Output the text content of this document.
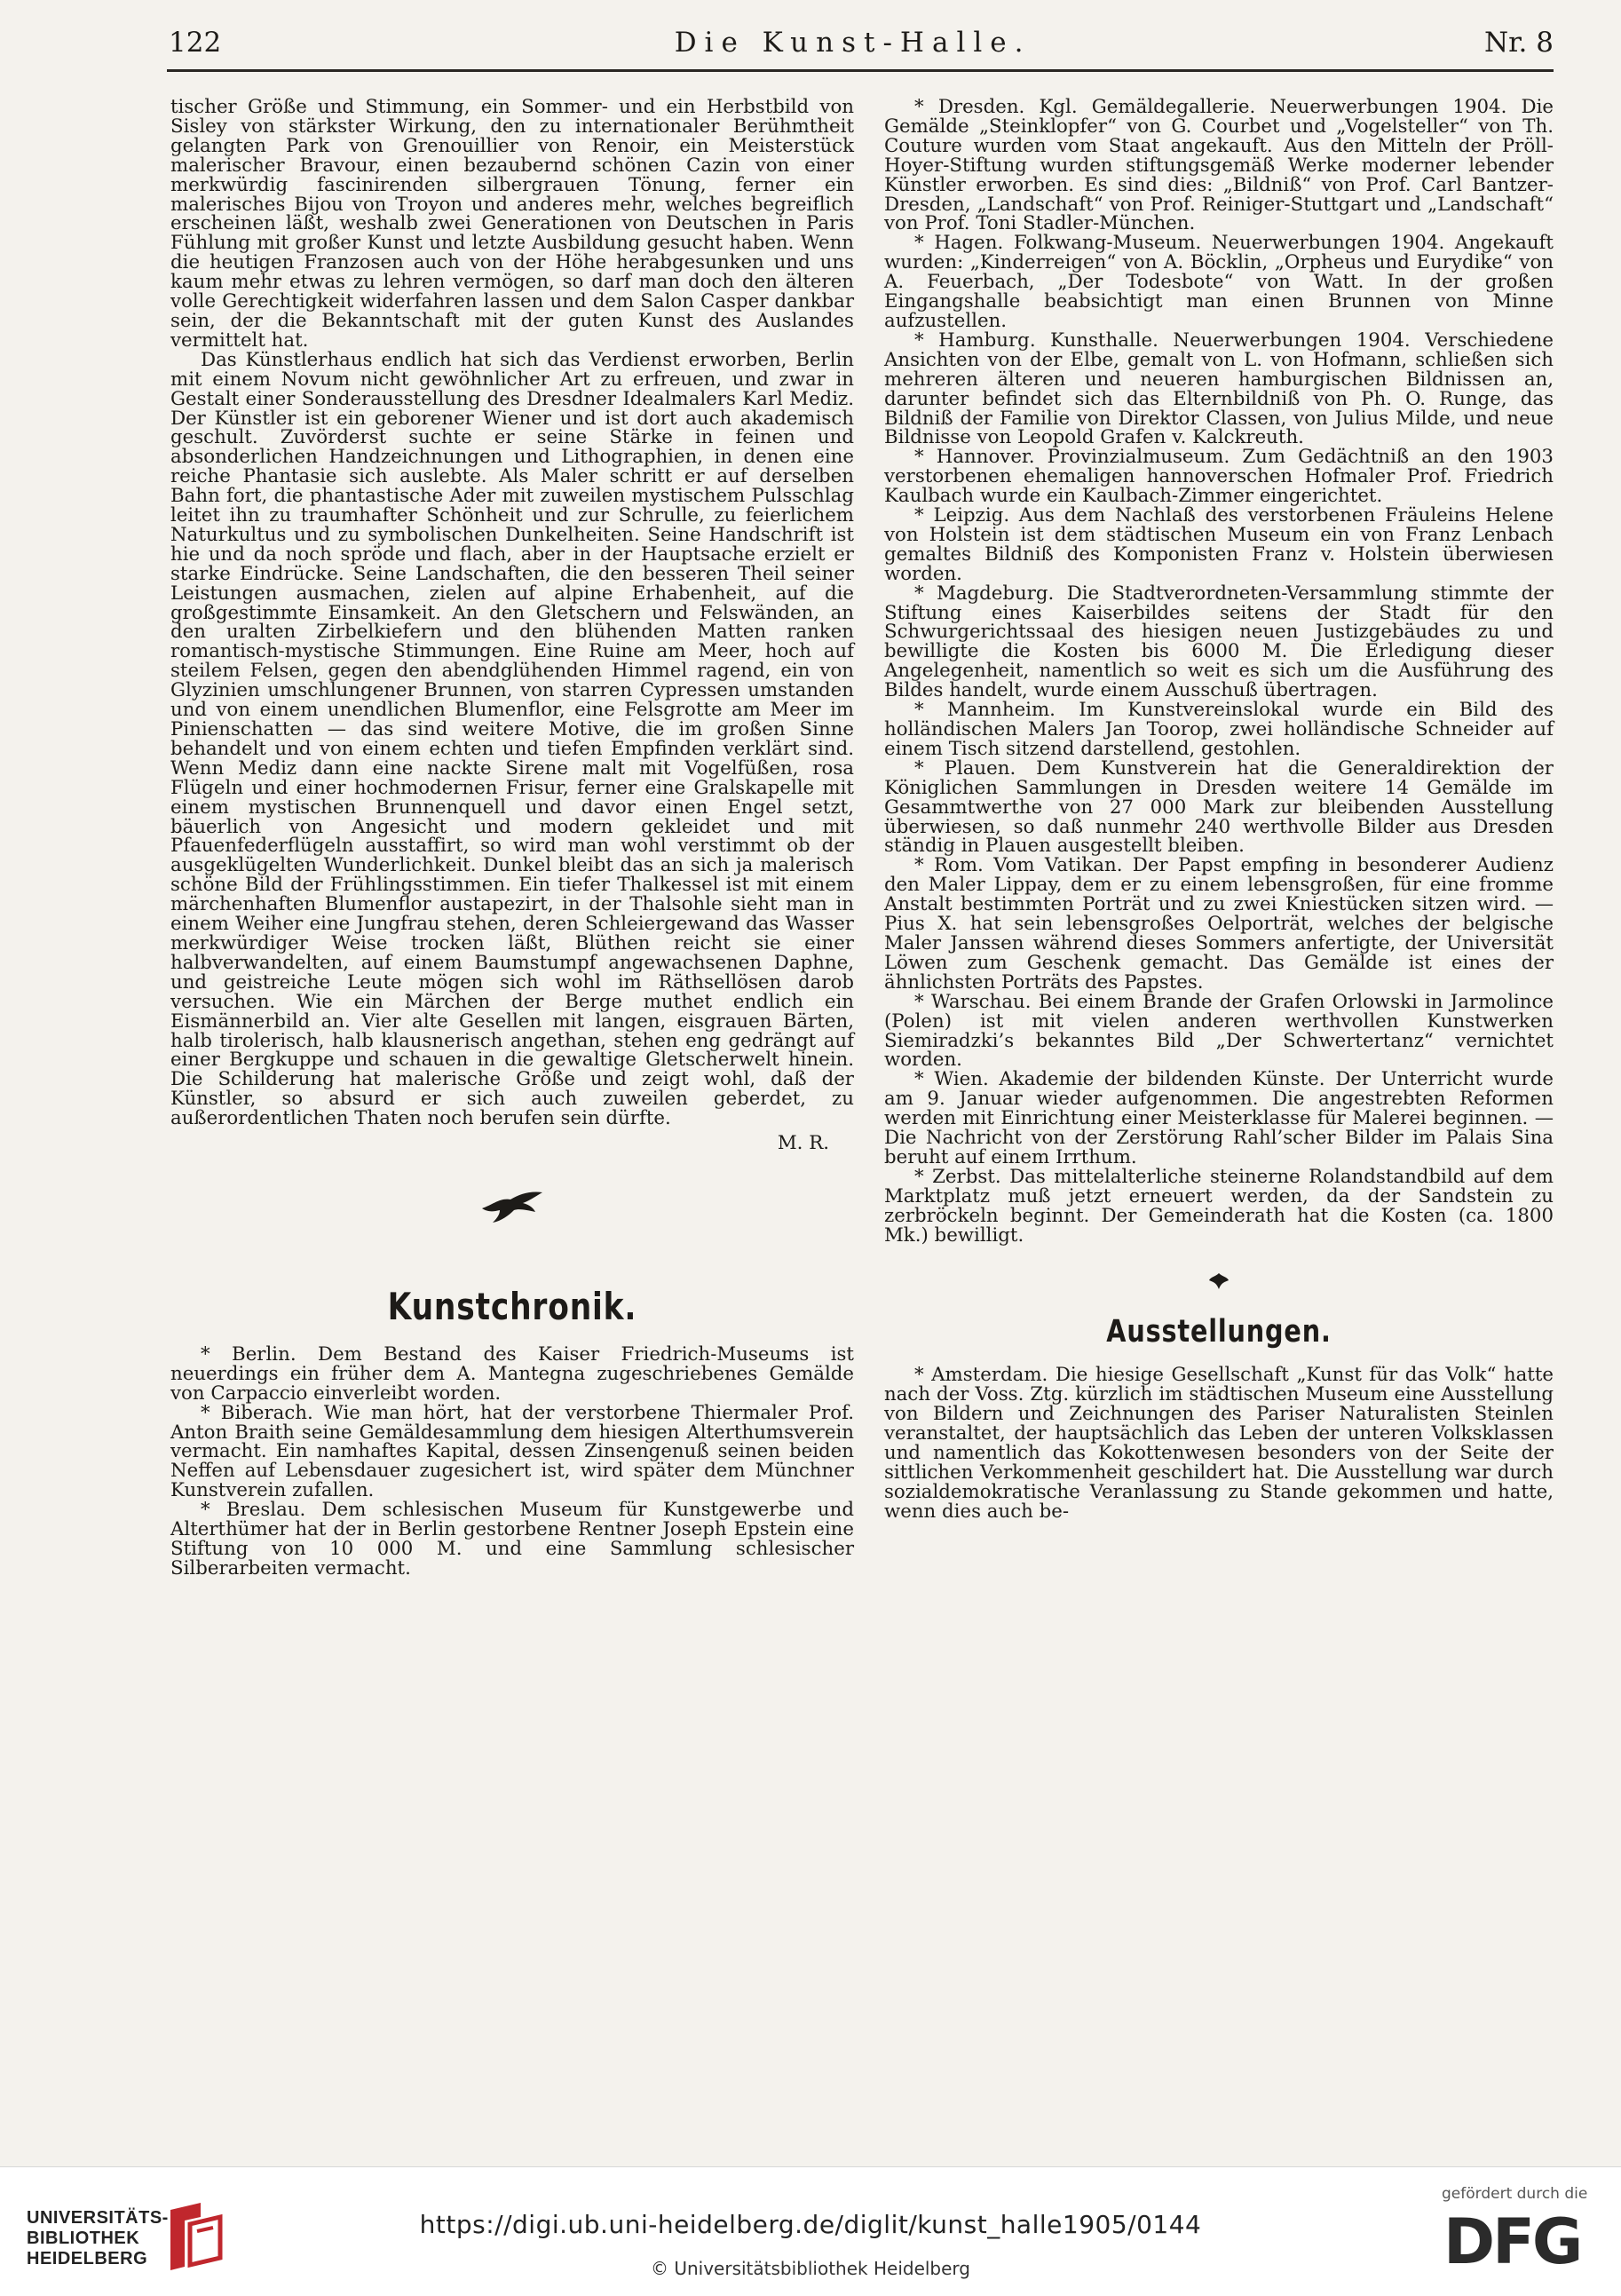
122	Die Kunst-Halle.	Nr. 8

tischer Größe und Stimmung, ein Sommer- und ein Herbstbild von Sisley von stärkster Wirkung, den zu internationaler Berühmtheit gelangten Park von Grenouillier von Renoir, ein Meisterstück malerischer Bravour, einen bezaubernd schönen Cazin von einer merkwürdig fascinirenden silbergrauen Tönung, ferner ein malerisches Bijou von Troyon und anderes mehr, welches begreiflich erscheinen läßt, weshalb zwei Generationen von Deutschen in Paris Fühlung mit großer Kunst und letzte Ausbildung gesucht haben. Wenn die heutigen Franzosen auch von der Höhe herabgesunken und uns kaum mehr etwas zu lehren vermögen, so darf man doch den älteren volle Gerechtigkeit widerfahren lassen und dem Salon Casper dankbar sein, der die Bekanntschaft mit der guten Kunst des Auslandes vermittelt hat.

Das Künstlerhaus endlich hat sich das Verdienst erworben, Berlin mit einem Novum nicht gewöhnlicher Art zu erfreuen, und zwar in Gestalt einer Sonderausstellung des Dresdner Idealmalers Karl Mediz. Der Künstler ist ein geborener Wiener und ist dort auch akademisch geschult. Zuvörderst suchte er seine Stärke in feinen und absonderlichen Handzeichnungen und Lithographien, in denen eine reiche Phantasie sich auslebte. Als Maler schritt er auf derselben Bahn fort, die phantastische Ader mit zuweilen mystischem Pulsschlag leitet ihn zu traumhafter Schönheit und zur Schrulle, zu feierlichem Naturkultus und zu symbolischen Dunkelheiten. Seine Handschrift ist hie und da noch spröde und flach, aber in der Hauptsache erzielt er starke Eindrücke. Seine Landschaften, die den besseren Theil seiner Leistungen ausmachen, zielen auf alpine Erhabenheit, auf die großgestimmte Einsamkeit. An den Gletschern und Felswänden, an den uralten Zirbelkiefern und den blühenden Matten ranken romantisch-mystische Stimmungen. Eine Ruine am Meer, hoch auf steilem Felsen, gegen den abendglühenden Himmel ragend, ein von Glyzinien umschlungener Brunnen, von starren Cypressen umstanden und von einem unendlichen Blumenflor, eine Felsgrotte am Meer im Pinienschatten — das sind weitere Motive, die im großen Sinne behandelt und von einem echten und tiefen Empfinden verklärt sind. Wenn Mediz dann eine nackte Sirene malt mit Vogelfüßen, rosa Flügeln und einer hochmodernen Frisur, ferner eine Gralskapelle mit einem mystischen Brunnenquell und davor einen Engel setzt, bäuerlich von Angesicht und modern gekleidet und mit Pfauenfederflügeln ausstaffirt, so wird man wohl verstimmt ob der ausgeklügelten Wunderlichkeit. Dunkel bleibt das an sich ja malerisch schöne Bild der Frühlingsstimmen. Ein tiefer Thalkessel ist mit einem märchenhaften Blumenflor austapezirt, in der Thalsohle sieht man in einem Weiher eine Jungfrau stehen, deren Schleiergewand das Wasser merkwürdiger Weise trocken läßt, Blüthen reicht sie einer halbverwandelten, auf einem Baumstumpf angewachsenen Daphne, und geistreiche Leute mögen sich wohl im Räthsellösen darob versuchen. Wie ein Märchen der Berge muthet endlich ein Eismännerbild an. Vier alte Gesellen mit langen, eisgrauen Bärten, halb tirolerisch, halb klausnerisch angethan, stehen eng gedrängt auf einer Bergkuppe und schauen in die gewaltige Gletscherwelt hinein. Die Schilderung hat malerische Größe und zeigt wohl, daß der Künstler, so absurd er sich auch zuweilen geberdet, zu außerordentlichen Thaten noch berufen sein dürfte.

M. R.

Kunstchronik.

* Berlin. Dem Bestand des Kaiser Friedrich-Museums ist neuerdings ein früher dem A. Mantegna zugeschriebenes Gemälde von Carpaccio einverleibt worden.

* Biberach. Wie man hört, hat der verstorbene Thiermaler Prof. Anton Braith seine Gemäldesammlung dem hiesigen Alterthumsverein vermacht. Ein namhaftes Kapital, dessen Zinsengenuß seinen beiden Neffen auf Lebensdauer zugesichert ist, wird später dem Münchner Kunstverein zufallen.

* Breslau. Dem schlesischen Museum für Kunstgewerbe und Alterthümer hat der in Berlin gestorbene Rentner Joseph Epstein eine Stiftung von 10 000 M. und eine Sammlung schlesischer Silberarbeiten vermacht.

* Dresden. Kgl. Gemäldegallerie. Neuerwerbungen 1904. Die Gemälde „Steinklopfer“ von G. Courbet und „Vogelsteller“ von Th. Couture wurden vom Staat angekauft. Aus den Mitteln der Pröll-Hoyer-Stiftung wurden stiftungsgemäß Werke moderner lebender Künstler erworben. Es sind dies: „Bildniß“ von Prof. Carl Bantzer-Dresden, „Landschaft“ von Prof. Reiniger-Stuttgart und „Landschaft“ von Prof. Toni Stadler-München.

* Hagen. Folkwang-Museum. Neuerwerbungen 1904. Angekauft wurden: „Kinderreigen“ von A. Böcklin, „Orpheus und Eurydike“ von A. Feuerbach, „Der Todesbote“ von Watt. In der großen Eingangshalle beabsichtigt man einen Brunnen von Minne aufzustellen.

* Hamburg. Kunsthalle. Neuerwerbungen 1904. Verschiedene Ansichten von der Elbe, gemalt von L. von Hofmann, schließen sich mehreren älteren und neueren hamburgischen Bildnissen an, darunter befindet sich das Elternbildniß von Ph. O. Runge, das Bildniß der Familie von Direktor Classen, von Julius Milde, und neue Bildnisse von Leopold Grafen v. Kalckreuth.

* Hannover. Provinzialmuseum. Zum Gedächtniß an den 1903 verstorbenen ehemaligen hannoverschen Hofmaler Prof. Friedrich Kaulbach wurde ein Kaulbach-Zimmer eingerichtet.

* Leipzig. Aus dem Nachlaß des verstorbenen Fräuleins Helene von Holstein ist dem städtischen Museum ein von Franz Lenbach gemaltes Bildniß des Komponisten Franz v. Holstein überwiesen worden.

* Magdeburg. Die Stadtverordneten-Versammlung stimmte der Stiftung eines Kaiserbildes seitens der Stadt für den Schwurgerichtssaal des hiesigen neuen Justizgebäudes zu und bewilligte die Kosten bis 6000 M. Die Erledigung dieser Angelegenheit, namentlich so weit es sich um die Ausführung des Bildes handelt, wurde einem Ausschuß übertragen.

* Mannheim. Im Kunstvereinslokal wurde ein Bild des holländischen Malers Jan Toorop, zwei holländische Schneider auf einem Tisch sitzend darstellend, gestohlen.

* Plauen. Dem Kunstverein hat die Generaldirektion der Königlichen Sammlungen in Dresden weitere 14 Gemälde im Gesammtwerthe von 27 000 Mark zur bleibenden Ausstellung überwiesen, so daß nunmehr 240 werthvolle Bilder aus Dresden ständig in Plauen ausgestellt bleiben.

* Rom. Vom Vatikan. Der Papst empfing in besonderer Audienz den Maler Lippay, dem er zu einem lebensgroßen, für eine fromme Anstalt bestimmten Porträt und zu zwei Kniestücken sitzen wird. — Pius X. hat sein lebensgroßes Oelporträt, welches der belgische Maler Janssen während dieses Sommers anfertigte, der Universität Löwen zum Geschenk gemacht. Das Gemälde ist eines der ähnlichsten Porträts des Papstes.

* Warschau. Bei einem Brande der Grafen Orlowski in Jarmolince (Polen) ist mit vielen anderen werthvollen Kunstwerken Siemiradzki’s bekanntes Bild „Der Schwertertanz“ vernichtet worden.

* Wien. Akademie der bildenden Künste. Der Unterricht wurde am 9. Januar wieder aufgenommen. Die angestrebten Reformen werden mit Einrichtung einer Meisterklasse für Malerei beginnen. — Die Nachricht von der Zerstörung Rahl’scher Bilder im Palais Sina beruht auf einem Irrthum.

* Zerbst. Das mittelalterliche steinerne Rolandstandbild auf dem Marktplatz muß jetzt erneuert werden, da der Sandstein zu zerbröckeln beginnt. Der Gemeinderath hat die Kosten (ca. 1800 Mk.) bewilligt.

Ausstellungen.

* Amsterdam. Die hiesige Gesellschaft „Kunst für das Volk“ hatte nach der Voss. Ztg. kürzlich im städtischen Museum eine Ausstellung von Bildern und Zeichnungen des Pariser Naturalisten Steinlen veranstaltet, der hauptsächlich das Leben der unteren Volksklassen und namentlich das Kokottenwesen besonders von der Seite der sittlichen Verkommenheit geschildert hat. Die Ausstellung war durch sozialdemokratische Veranlassung zu Stande gekommen und hatte, wenn dies auch be-

UNIVERSITÄTS-
BIBLIOTHEK
HEIDELBERG
https://digi.ub.uni-heidelberg.de/diglit/kunst_halle1905/0144
© Universitätsbibliothek Heidelberg
gefördert durch die
DFG
